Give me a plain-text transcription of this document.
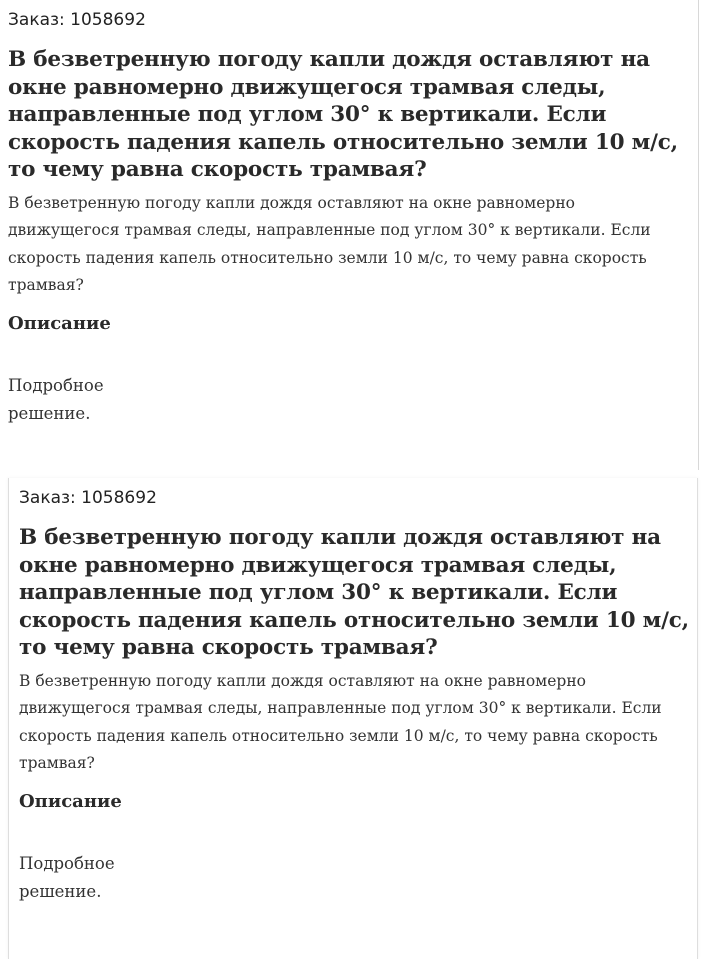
Заказ: 1058692
В безветренную погоду капли дождя оставляют на окне равномерно движущегося трамвая следы, направленные под углом 30° к вертикали. Если скорость падения капель относительно земли 10 м/с, то чему равна скорость трамвая?
В безветренную погоду капли дождя оставляют на окне равномерно движущегося трамвая следы, направленные под углом 30° к вертикали. Если скорость падения капель относительно земли 10 м/с, то чему равна скорость трамвая?
Описание
Подробное решение.
Заказ: 1058692
В безветренную погоду капли дождя оставляют на окне равномерно движущегося трамвая следы, направленные под углом 30° к вертикали. Если скорость падения капель относительно земли 10 м/с, то чему равна скорость трамвая?
В безветренную погоду капли дождя оставляют на окне равномерно движущегося трамвая следы, направленные под углом 30° к вертикали. Если скорость падения капель относительно земли 10 м/с, то чему равна скорость трамвая?
Описание
Подробное решение.
